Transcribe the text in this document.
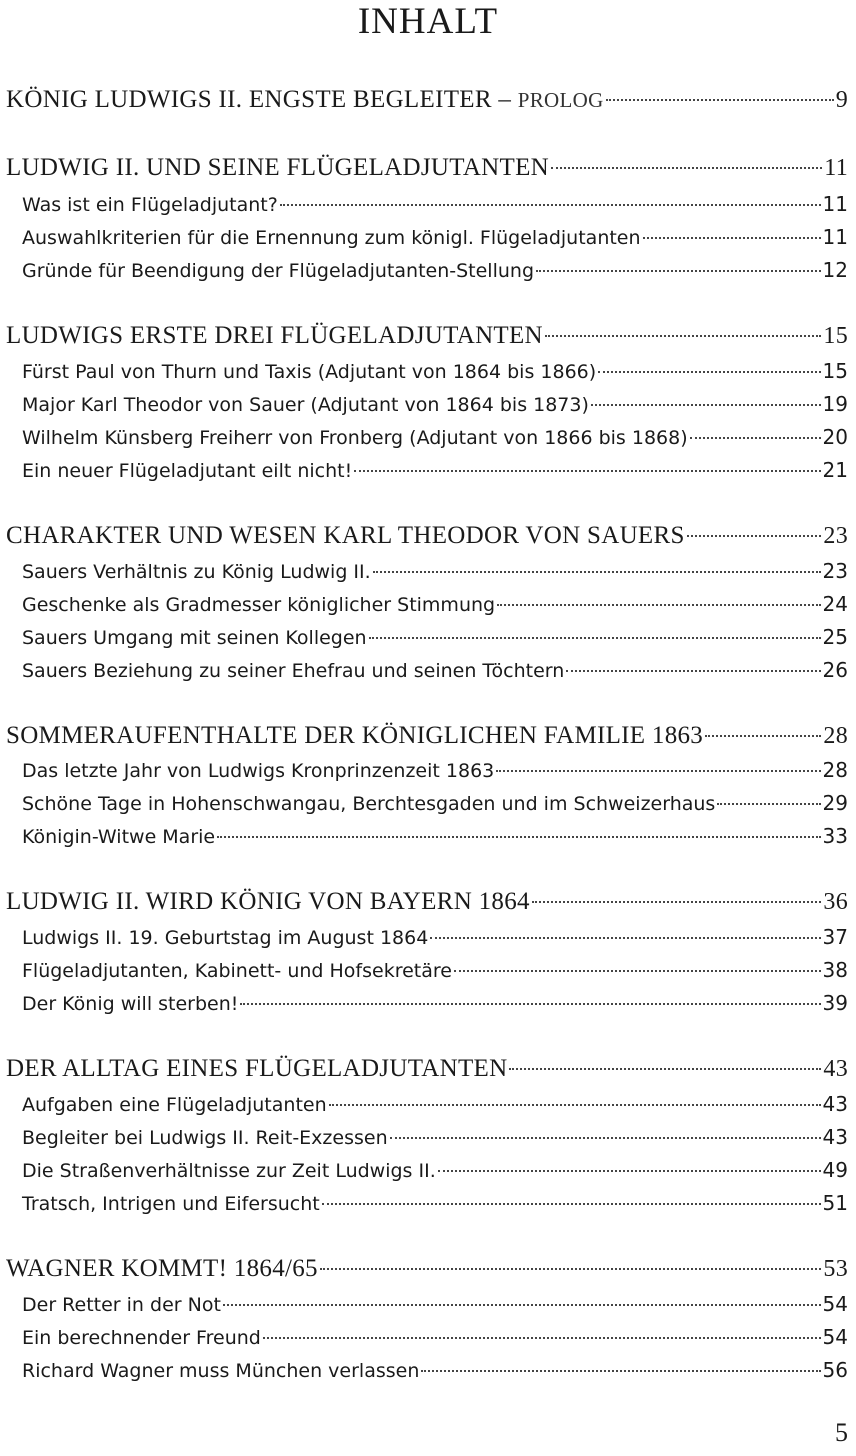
INHALT
KÖNIG LUDWIGS II. ENGSTE BEGLEITER – PROLOG	9
LUDWIG II. UND SEINE FLÜGELADJUTANTEN	11
Was ist ein Flügeladjutant?	11
Auswahlkriterien für die Ernennung zum königl. Flügeladjutanten	11
Gründe für Beendigung der Flügeladjutanten-Stellung	12
LUDWIGS ERSTE DREI FLÜGELADJUTANTEN	15
Fürst Paul von Thurn und Taxis (Adjutant von 1864 bis 1866)	15
Major Karl Theodor von Sauer (Adjutant von 1864 bis 1873)	19
Wilhelm Künsberg Freiherr von Fronberg (Adjutant von 1866 bis 1868)	20
Ein neuer Flügeladjutant eilt nicht!	21
CHARAKTER UND WESEN KARL THEODOR VON SAUERS	23
Sauers Verhältnis zu König Ludwig II.	23
Geschenke als Gradmesser königlicher Stimmung	24
Sauers Umgang mit seinen Kollegen	25
Sauers Beziehung zu seiner Ehefrau und seinen Töchtern	26
SOMMERAUFENTHALTE DER KÖNIGLICHEN FAMILIE 1863	28
Das letzte Jahr von Ludwigs Kronprinzenzeit 1863	28
Schöne Tage in Hohenschwangau, Berchtesgaden und im Schweizerhaus	29
Königin-Witwe Marie	33
LUDWIG II. WIRD KÖNIG VON BAYERN 1864	36
Ludwigs II. 19. Geburtstag im August 1864	37
Flügeladjutanten, Kabinett- und Hofsekretäre	38
Der König will sterben!	39
DER ALLTAG EINES FLÜGELADJUTANTEN	43
Aufgaben eine Flügeladjutanten	43
Begleiter bei Ludwigs II. Reit-Exzessen	43
Die Straßenverhältnisse zur Zeit Ludwigs II.	49
Tratsch, Intrigen und Eifersucht	51
WAGNER KOMMT! 1864/65	53
Der Retter in der Not	54
Ein berechnender Freund	54
Richard Wagner muss München verlassen	56
5
